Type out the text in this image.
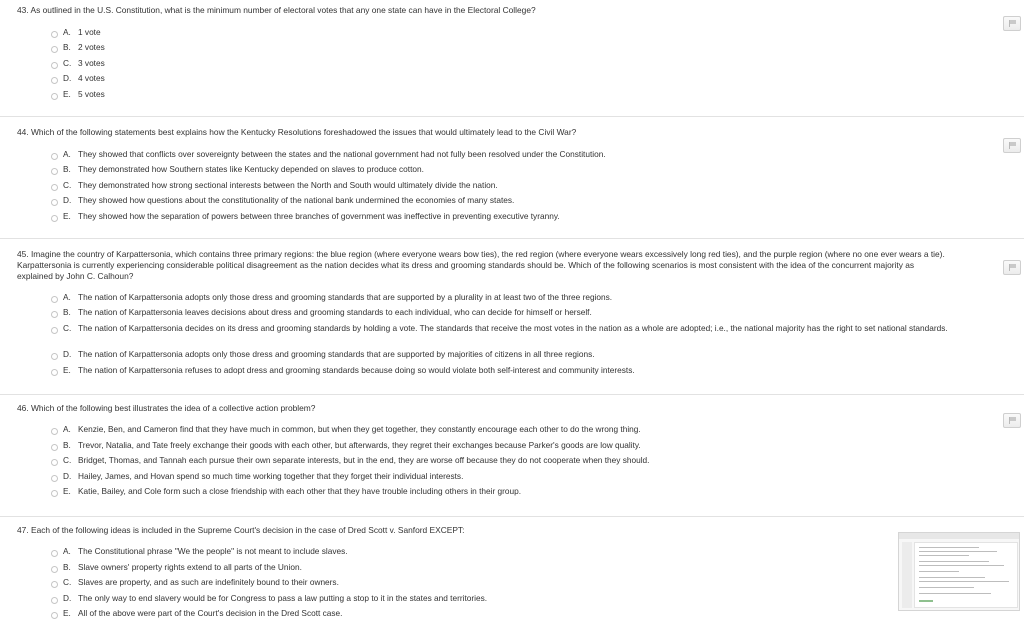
43. As outlined in the U.S. Constitution, what is the minimum number of electoral votes that any one state can have in the Electoral College?
A. 1 vote
B. 2 votes
C. 3 votes
D. 4 votes
E. 5 votes
44. Which of the following statements best explains how the Kentucky Resolutions foreshadowed the issues that would ultimately lead to the Civil War?
A. They showed that conflicts over sovereignty between the states and the national government had not fully been resolved under the Constitution.
B. They demonstrated how Southern states like Kentucky depended on slaves to produce cotton.
C. They demonstrated how strong sectional interests between the North and South would ultimately divide the nation.
D. They showed how questions about the constitutionality of the national bank undermined the economies of many states.
E. They showed how the separation of powers between three branches of government was ineffective in preventing executive tyranny.
45. Imagine the country of Karpattersonia, which contains three primary regions: the blue region (where everyone wears bow ties), the red region (where everyone wears excessively long red ties), and the purple region (where no one ever wears a tie). Karpattersonia is currently experiencing considerable political disagreement as the nation decides what its dress and grooming standards should be. Which of the following scenarios is most consistent with the idea of the concurrent majority as explained by John C. Calhoun?
A. The nation of Karpattersonia adopts only those dress and grooming standards that are supported by a plurality in at least two of the three regions.
B. The nation of Karpattersonia leaves decisions about dress and grooming standards to each individual, who can decide for himself or herself.
C. The nation of Karpattersonia decides on its dress and grooming standards by holding a vote. The standards that receive the most votes in the nation as a whole are adopted; i.e., the national majority has the right to set national standards.
D. The nation of Karpattersonia adopts only those dress and grooming standards that are supported by majorities of citizens in all three regions.
E. The nation of Karpattersonia refuses to adopt dress and grooming standards because doing so would violate both self-interest and community interests.
46. Which of the following best illustrates the idea of a collective action problem?
A. Kenzie, Ben, and Cameron find that they have much in common, but when they get together, they constantly encourage each other to do the wrong thing.
B. Trevor, Natalia, and Tate freely exchange their goods with each other, but afterwards, they regret their exchanges because Parker's goods are low quality.
C. Bridget, Thomas, and Tannah each pursue their own separate interests, but in the end, they are worse off because they do not cooperate when they should.
D. Hailey, James, and Hovan spend so much time working together that they forget their individual interests.
E. Katie, Bailey, and Cole form such a close friendship with each other that they have trouble including others in their group.
47. Each of the following ideas is included in the Supreme Court's decision in the case of Dred Scott v. Sanford EXCEPT:
A. The Constitutional phrase "We the people" is not meant to include slaves.
B. Slave owners' property rights extend to all parts of the Union.
C. Slaves are property, and as such are indefinitely bound to their owners.
D. The only way to end slavery would be for Congress to pass a law putting a stop to it in the states and territories.
E. All of the above were part of the Court's decision in the Dred Scott case.
